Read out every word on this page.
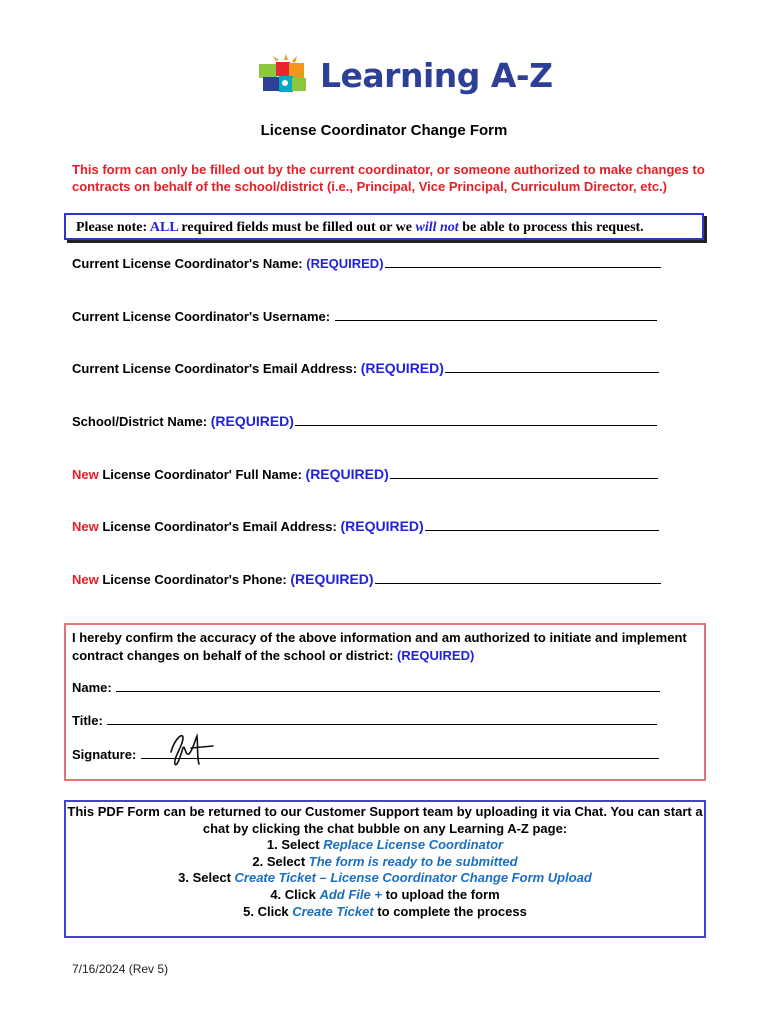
Learning A-Z
License Coordinator Change Form
This form can only be filled out by the current coordinator, or someone authorized to make changes to contracts on behalf of the school/district (i.e., Principal, Vice Principal, Curriculum Director, etc.)
Please note: ALL required fields must be filled out or we will not be able to process this request.
Current License Coordinator's Name: (REQUIRED)
Current License Coordinator's Username:
Current License Coordinator's Email Address: (REQUIRED)
School/District Name: (REQUIRED)
New License Coordinator' Full Name: (REQUIRED)
New License Coordinator's Email Address: (REQUIRED)
New License Coordinator's Phone: (REQUIRED)
I hereby confirm the accuracy of the above information and am authorized to initiate and implement contract changes on behalf of the school or district: (REQUIRED)
Name:
Title:
Signature:
This PDF Form can be returned to our Customer Support team by uploading it via Chat. You can start a chat by clicking the chat bubble on any Learning A-Z page:
1. Select Replace License Coordinator
2. Select The form is ready to be submitted
3. Select Create Ticket – License Coordinator Change Form Upload
4. Click Add File + to upload the form
5. Click Create Ticket to complete the process
7/16/2024 (Rev 5)
